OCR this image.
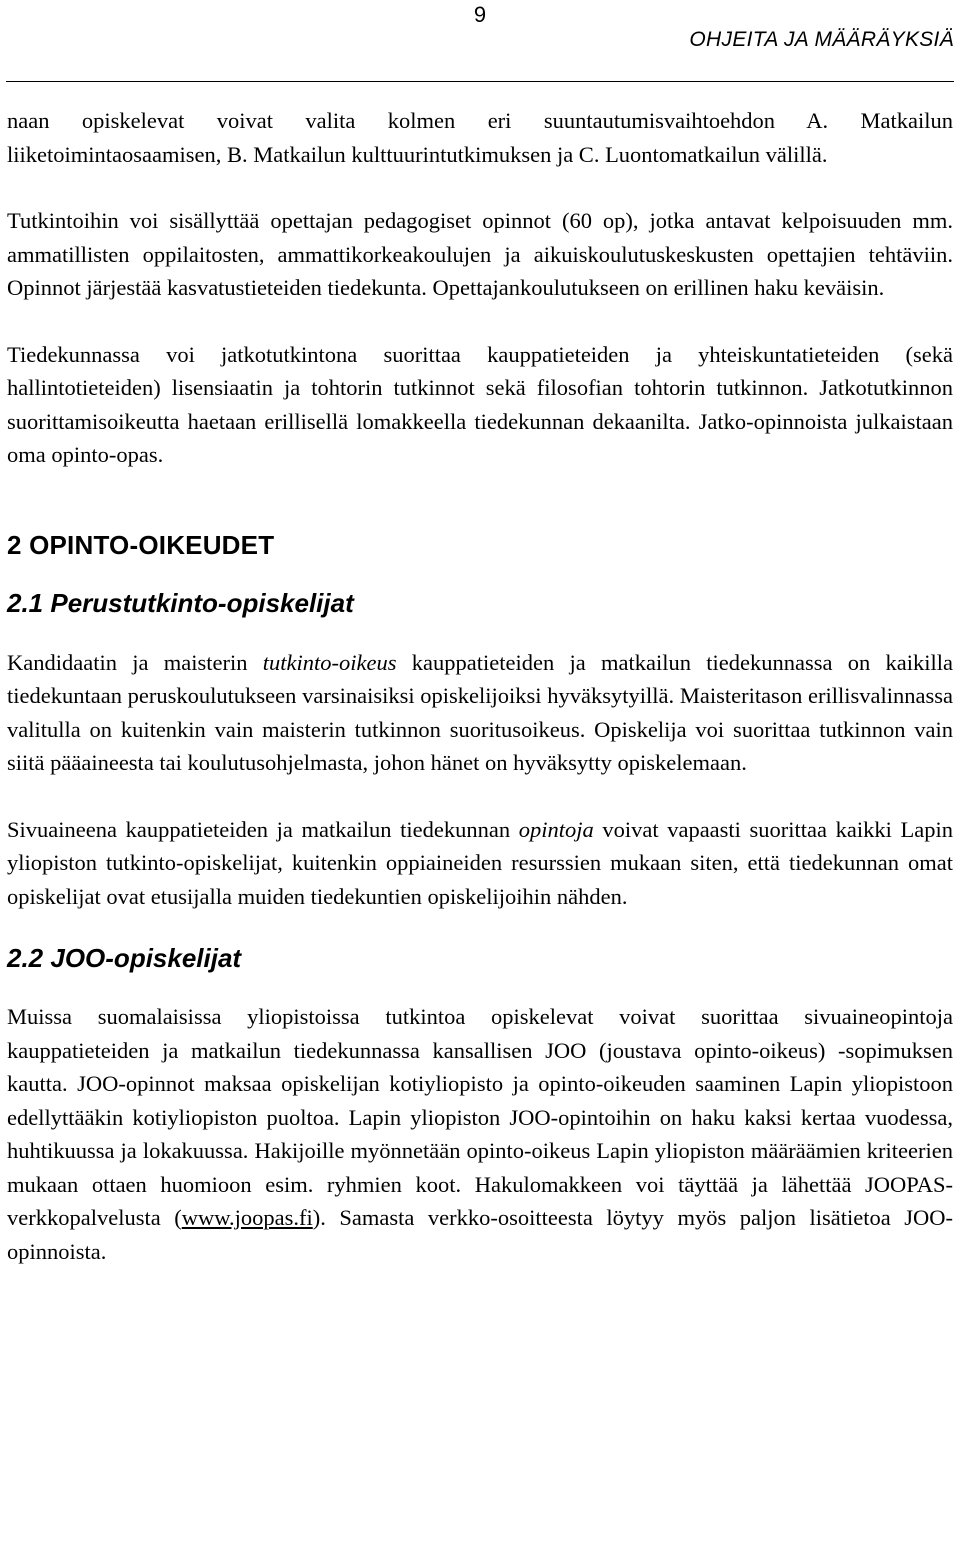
9
OHJEITA JA MÄÄRÄYKSIÄ

naan opiskelevat voivat valita kolmen eri suuntautumisvaihtoehdon A. Matkailun liiketoimintaosaamisen, B. Matkailun kulttuurintutkimuksen ja C. Luontomatkailun välillä.

Tutkintoihin voi sisällyttää opettajan pedagogiset opinnot (60 op), jotka antavat kelpoisuuden mm. ammatillisten oppilaitosten, ammattikorkeakoulujen ja aikuiskoulutuskeskusten opettajien tehtäviin. Opinnot järjestää kasvatustieteiden tiedekunta. Opettajankoulutukseen on erillinen haku keväisin.

Tiedekunnassa voi jatkotutkintona suorittaa kauppatieteiden ja yhteiskuntatieteiden (sekä hallintotieteiden) lisensiaatin ja tohtorin tutkinnot sekä filosofian tohtorin tutkinnon. Jatkotutkinnon suorittamisoikeutta haetaan erillisellä lomakkeella tiedekunnan dekaanilta. Jatko-opinnoista julkaistaan oma opinto-opas.

2 OPINTO-OIKEUDET
2.1 Perustutkinto-opiskelijat

Kandidaatin ja maisterin tutkinto-oikeus kauppatieteiden ja matkailun tiedekunnassa on kaikilla tiedekuntaan peruskoulutukseen varsinaisiksi opiskelijoiksi hyväksytyillä. Maisteritason erillisvalinnassa valitulla on kuitenkin vain maisterin tutkinnon suoritusoikeus. Opiskelija voi suorittaa tutkinnon vain siitä pääaineesta tai koulutusohjelmasta, johon hänet on hyväksytty opiskelemaan.

Sivuaineena kauppatieteiden ja matkailun tiedekunnan opintoja voivat vapaasti suorittaa kaikki Lapin yliopiston tutkinto-opiskelijat, kuitenkin oppiaineiden resurssien mukaan siten, että tiedekunnan omat opiskelijat ovat etusijalla muiden tiedekuntien opiskelijoihin nähden.

2.2 JOO-opiskelijat

Muissa suomalaisissa yliopistoissa tutkintoa opiskelevat voivat suorittaa sivuaineopintoja kauppatieteiden ja matkailun tiedekunnassa kansallisen JOO (joustava opinto-oikeus) -sopimuksen kautta. JOO-opinnot maksaa opiskelijan kotiyliopisto ja opinto-oikeuden saaminen Lapin yliopistoon edellyttääkin kotiyliopiston puoltoa. Lapin yliopiston JOO-opintoihin on haku kaksi kertaa vuodessa, huhtikuussa ja lokakuussa. Hakijoille myönnetään opinto-oikeus Lapin yliopiston määräämien kriteerien mukaan ottaen huomioon esim. ryhmien koot. Hakulomakkeen voi täyttää ja lähettää JOOPAS-verkkopalvelusta (www.joopas.fi). Samasta verkko-osoitteesta löytyy myös paljon lisätietoa JOO-opinnoista.
